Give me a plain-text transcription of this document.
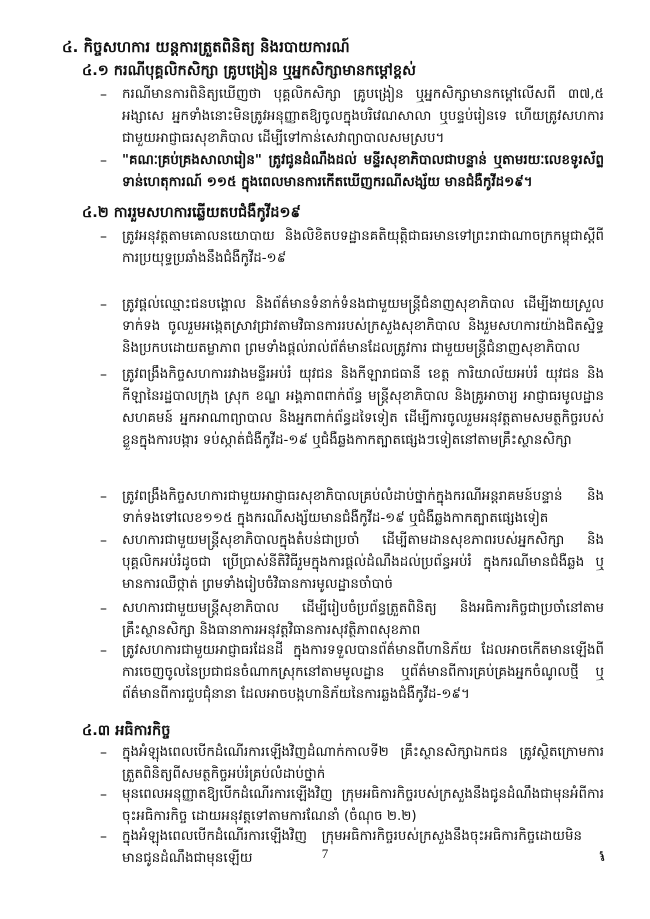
៤. កិច្ចសហការ យន្តការត្រួតពិនិត្យ និងរបាយការណ៍
៤.១ ករណីបុគ្គលិកសិក្សា គ្រូបង្រៀន ឬអ្នកសិក្សាមានកម្តៅខ្ពស់
– ករណីមានការពិនិត្យឃើញថា បុគ្គលិកសិក្សា គ្រូបង្រៀន ឬអ្នកសិក្សាមានកម្តៅលើសពី ៣៧,៥ អង្សាសេ អ្នកទាំងនោះមិនត្រូវអនុញ្ញាតឱ្យចូលក្នុងបរិវេណសាលា ឬបន្ទប់រៀនទេ ហើយត្រូវសហការជាមួយអាជ្ញាធរសុខាភិបាល ដើម្បីទៅកាន់សេវាព្យាបាលសមស្រប។
– "គណៈគ្រប់គ្រងសាលារៀន" ត្រូវជូនដំណឹងដល់ មន្ទីរសុខាភិបាលជាបន្ទាន់ ឬតាមរយៈលេខទូរស័ព្ទទាន់ហេតុការណ៍ ១១៥ ក្នុងពេលមានការកើតឃើញករណីសង្ស័យ មានជំងឺកូវីដ១៩។
៤.២ ការរួមសហការឆ្លើយតបជំងឺកូវីដ១៩
– ត្រូវអនុវត្តតាមគោលនយោបាយ និងលិខិតបទដ្ឋានគតិយុត្តិជាធរមានទៅព្រះរាជាណាចក្រកម្ពុជាស្តីពីការប្រយុទ្ធប្រឆាំងនឹងជំងឺកូវីដ-១៩
– ត្រូវផ្តល់ឈ្មោះជនបង្គោល និងព័ត៌មានទំនាក់ទំនងជាមួយមន្ត្រីជំនាញសុខាភិបាល ដើម្បីងាយស្រួលទាក់ទង ចូលរួមអង្កេតស្រាវជ្រាវតាមវិធានការរបស់ក្រសួងសុខាភិបាល និងរួមសហការយ៉ាងជិតស្និទ្ធនិងប្រកបដោយតម្លាភាព ព្រមទាំងផ្តល់រាល់ព័ត៌មានដែលត្រូវការ ជាមួយមន្ត្រីជំនាញសុខាភិបាល
– ត្រូវពង្រឹងកិច្ចសហការរវាងមន្ទីរអប់រំ យុវជន និងកីឡារាជធានី ខេត្ត ការិយាល័យអប់រំ យុវជន និងកីឡានៃរដ្ឋបាលក្រុង ស្រុក ខណ្ឌ អង្គភាពពាក់ព័ន្ធ មន្ត្រីសុខាភិបាល និងគ្រូអាចារ្យ អាជ្ញាធរមូលដ្ឋាន សហគមន៍ អ្នកអាណាព្យាបាល និងអ្នកពាក់ព័ន្ធដទៃទៀត ដើម្បីការចូលរួមអនុវត្តតាមសមត្ថកិច្ចរបស់ខ្លួនក្នុងការបង្ការ ទប់ស្កាត់ជំងឺកូវីដ-១៩ ឬជំងឺឆ្លងកាកត្បាតផ្សេងៗទៀតនៅតាមគ្រឹះស្ថានសិក្សា
– ត្រូវពង្រឹងកិច្ចសហការជាមួយអាជ្ញាធរសុខាភិបាលគ្រប់លំដាប់ថ្នាក់ក្នុងករណីអន្តរាគមន៍បន្ទាន់ និងទាក់ទងទៅលេខ១១៥ ក្នុងករណីសង្ស័យមានជំងឺកូវីដ-១៩ ឬជំងឺឆ្លងកាកត្បាតផ្សេងទៀត
– សហការជាមួយមន្ត្រីសុខាភិបាលក្នុងតំបន់ជាប្រចាំ ដើម្បីតាមដានសុខភាពរបស់អ្នកសិក្សា និងបុគ្គលិកអប់រំដូចជា ប្រើប្រាស់នីតិវិធីរួមក្នុងការផ្តល់ដំណឹងដល់ប្រព័ន្ធអប់រំ ក្នុងករណីមានជំងឺឆ្លង ឬមានការឈឺថ្កាត់ ព្រមទាំងរៀបចំវិធានការមូលដ្ឋានចាំបាច់
– សហការជាមួយមន្ត្រីសុខាភិបាល ដើម្បីរៀបចំប្រព័ន្ធត្រួតពិនិត្យ និងអធិការកិច្ចជាប្រចាំនៅតាមគ្រឹះស្ថានសិក្សា និងធានាការអនុវត្តវិធានការសុវត្ថិភាពសុខភាព
– ត្រូវសហការជាមួយអាជ្ញាធរដែនដី ក្នុងការទទួលបានព័ត៌មានពីហានិភ័យ ដែលអាចកើតមានឡើងពីការចេញចូលនៃប្រជាជនចំណាកស្រុកនៅតាមមូលដ្ឋាន ឬព័ត៌មានពីការគ្រប់គ្រងអ្នកចំណូលថ្មី ឬព័ត៌មានពីការជួបជុំនានា ដែលអាចបង្កហានិភ័យនៃការឆ្លងជំងឺកូវីដ-១៩។
៤.៣ អធិការកិច្ច
– ក្នុងអំឡុងពេលបើកដំណើរការឡើងវិញដំណាក់កាលទី២ គ្រឹះស្ថានសិក្សាឯកជន ត្រូវស្ថិតក្រោមការត្រួតពិនិត្យពីសមត្ថកិច្ចអប់រំគ្រប់លំដាប់ថ្នាក់
– មុនពេលអនុញ្ញាតឱ្យបើកដំណើរការឡើងវិញ ក្រុមអធិការកិច្ចរបស់ក្រសួងនឹងជូនដំណឹងជាមុនអំពីការចុះអធិការកិច្ច ដោយអនុវត្តទៅតាមការណែនាំ (ចំណុច ២.២)
– ក្នុងអំឡុងពេលបើកដំណើរការឡើងវិញ ក្រុមអធិការកិច្ចរបស់ក្រសួងនឹងចុះអធិការកិច្ចដោយមិនមានជូនដំណឹងជាមុនឡើយ	7	៛
